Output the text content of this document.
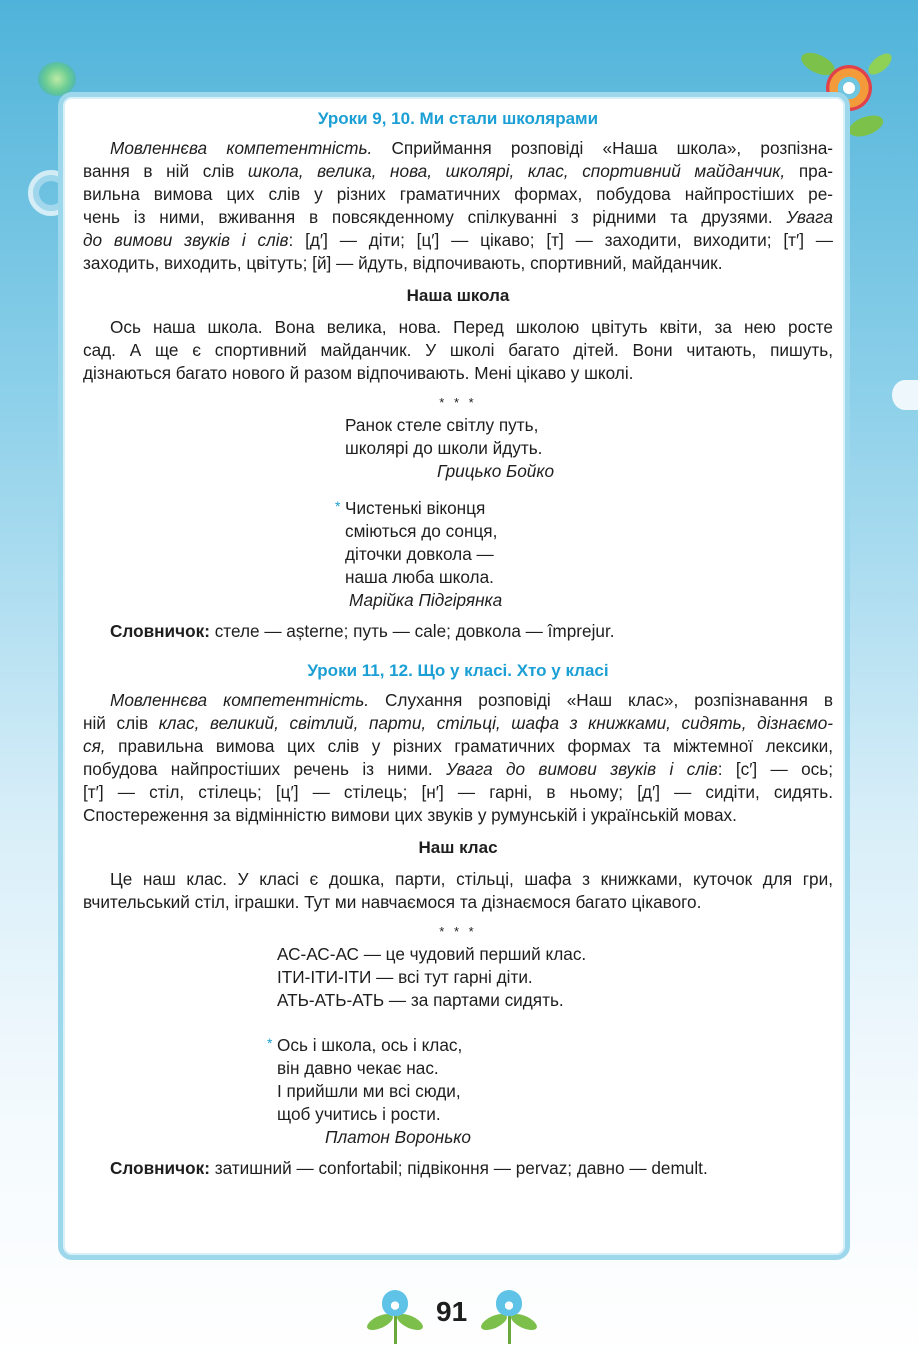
Уроки 9, 10. Ми стали школярами
Мовленнєва компетентність. Сприймання розповіді «Наша школа», розпізна-
вання в ній слів школа, велика, нова, школярі, клас, спортивний майданчик, пра-
вильна вимова цих слів у різних граматичних формах, побудова найпростіших ре-
чень із ними, вживання в повсякденному спілкуванні з рідними та друзями. Увага
до вимови звуків і слів: [д′] — діти; [ц′] — цікаво; [т] — заходити, виходити; [т′] —
заходить, виходить, цвітуть; [й] — йдуть, відпочивають, спортивний, майданчик.
Наша школа
Ось наша школа. Вона велика, нова. Перед школою цвітуть квіти, за нею росте
сад. А ще є спортивний майданчик. У школі багато дітей. Вони читають, пишуть,
дізнаються багато нового й разом відпочивають. Мені цікаво у школі.
* * *
Ранок стеле світлу путь,
школярі до школи йдуть.
Грицько Бойко
* Чистенькі віконця
сміються до сонця,
діточки довкола —
наша люба школа.
Марійка Підгірянка

Словничок: стеле — așterne; путь — cale; довкола — împrejur.

Уроки 11, 12. Що у класі. Хто у класі
Мовленнєва компетентність. Слухання розповіді «Наш клас», розпізнавання в
ній слів клас, великий, світлий, парти, стільці, шафа з книжками, сидять, дізнаємо-
ся, правильна вимова цих слів у різних граматичних формах та міжтемної лексики,
побудова найпростіших речень із ними. Увага до вимови звуків і слів: [с′] — ось;
[т′] — стіл, стілець; [ц′] — стілець; [н′] — гарні, в ньому; [д′] — сидіти, сидять.
Спостереження за відмінністю вимови цих звуків у румунській і українській мовах.
Наш клас
Це наш клас. У класі є дошка, парти, стільці, шафа з книжками, куточок для гри,
вчительський стіл, іграшки. Тут ми навчаємося та дізнаємося багато цікавого.
* * *
АС-АС-АС — це чудовий перший клас.
ІТИ-ІТИ-ІТИ — всі тут гарні діти.
АТЬ-АТЬ-АТЬ — за партами сидять.
* Ось і школа, ось і клас,
він давно чекає нас.
І прийшли ми всі сюди,
щоб учитись і рости.
Платон Воронько

Словничок: затишний — confortabil; підвіконня — pervaz; давно — demult.

91
